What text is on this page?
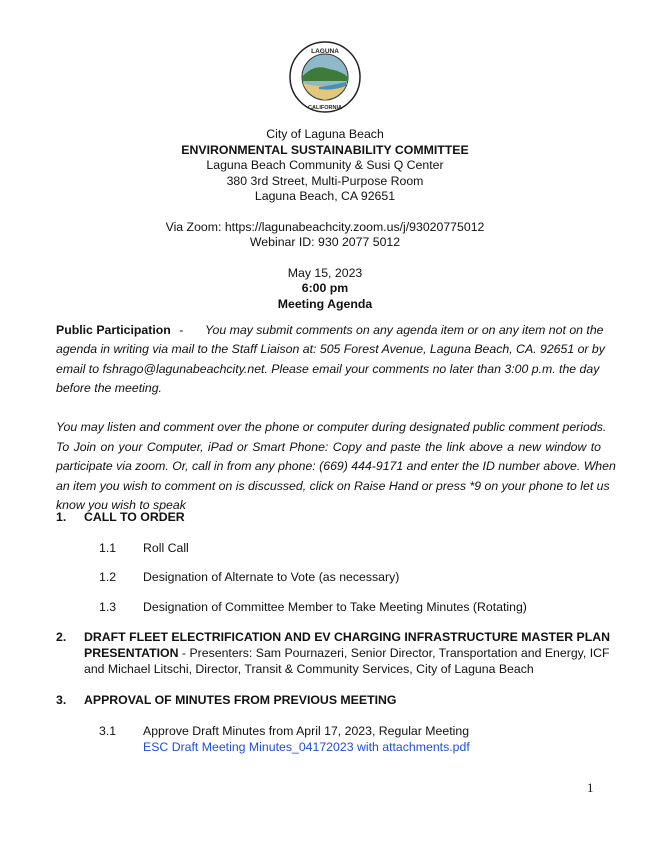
LAGUNA
CALIFORNIA
City of Laguna Beach
ENVIRONMENTAL SUSTAINABILITY COMMITTEE
Laguna Beach Community & Susi Q Center
380 3rd Street, Multi-Purpose Room
Laguna Beach, CA 92651
Via Zoom: https://lagunabeachcity.zoom.us/j/93020775012
Webinar ID: 930 2077 5012
May 15, 2023
6:00 pm
Meeting Agenda
Public Participation -	You may submit comments on any agenda item or on any item not on the
agenda in writing via mail to the Staff Liaison at: 505 Forest Avenue, Laguna Beach, CA. 92651 or by
email to fshrago@lagunabeachcity.net. Please email your comments no later than 3:00 p.m. the day
before the meeting.
You may listen and comment over the phone or computer during designated public comment periods.
To Join on your Computer, iPad or Smart Phone: Copy and paste the link above a new window to
participate via zoom. Or, call in from any phone: (669) 444-9171 and enter the ID number above. When
an item you wish to comment on is discussed, click on Raise Hand or press *9 on your phone to let us
know you wish to speak
1. CALL TO ORDER
1.1 Roll Call
1.2 Designation of Alternate to Vote (as necessary)
1.3 Designation of Committee Member to Take Meeting Minutes (Rotating)
2. DRAFT FLEET ELECTRIFICATION AND EV CHARGING INFRASTRUCTURE MASTER PLAN
PRESENTATION - Presenters: Sam Pournazeri, Senior Director, Transportation and Energy, ICF
and Michael Litschi, Director, Transit & Community Services, City of Laguna Beach
3. APPROVAL OF MINUTES FROM PREVIOUS MEETING
3.1 Approve Draft Minutes from April 17, 2023, Regular Meeting
ESC Draft Meeting Minutes_04172023 with attachments.pdf
1
